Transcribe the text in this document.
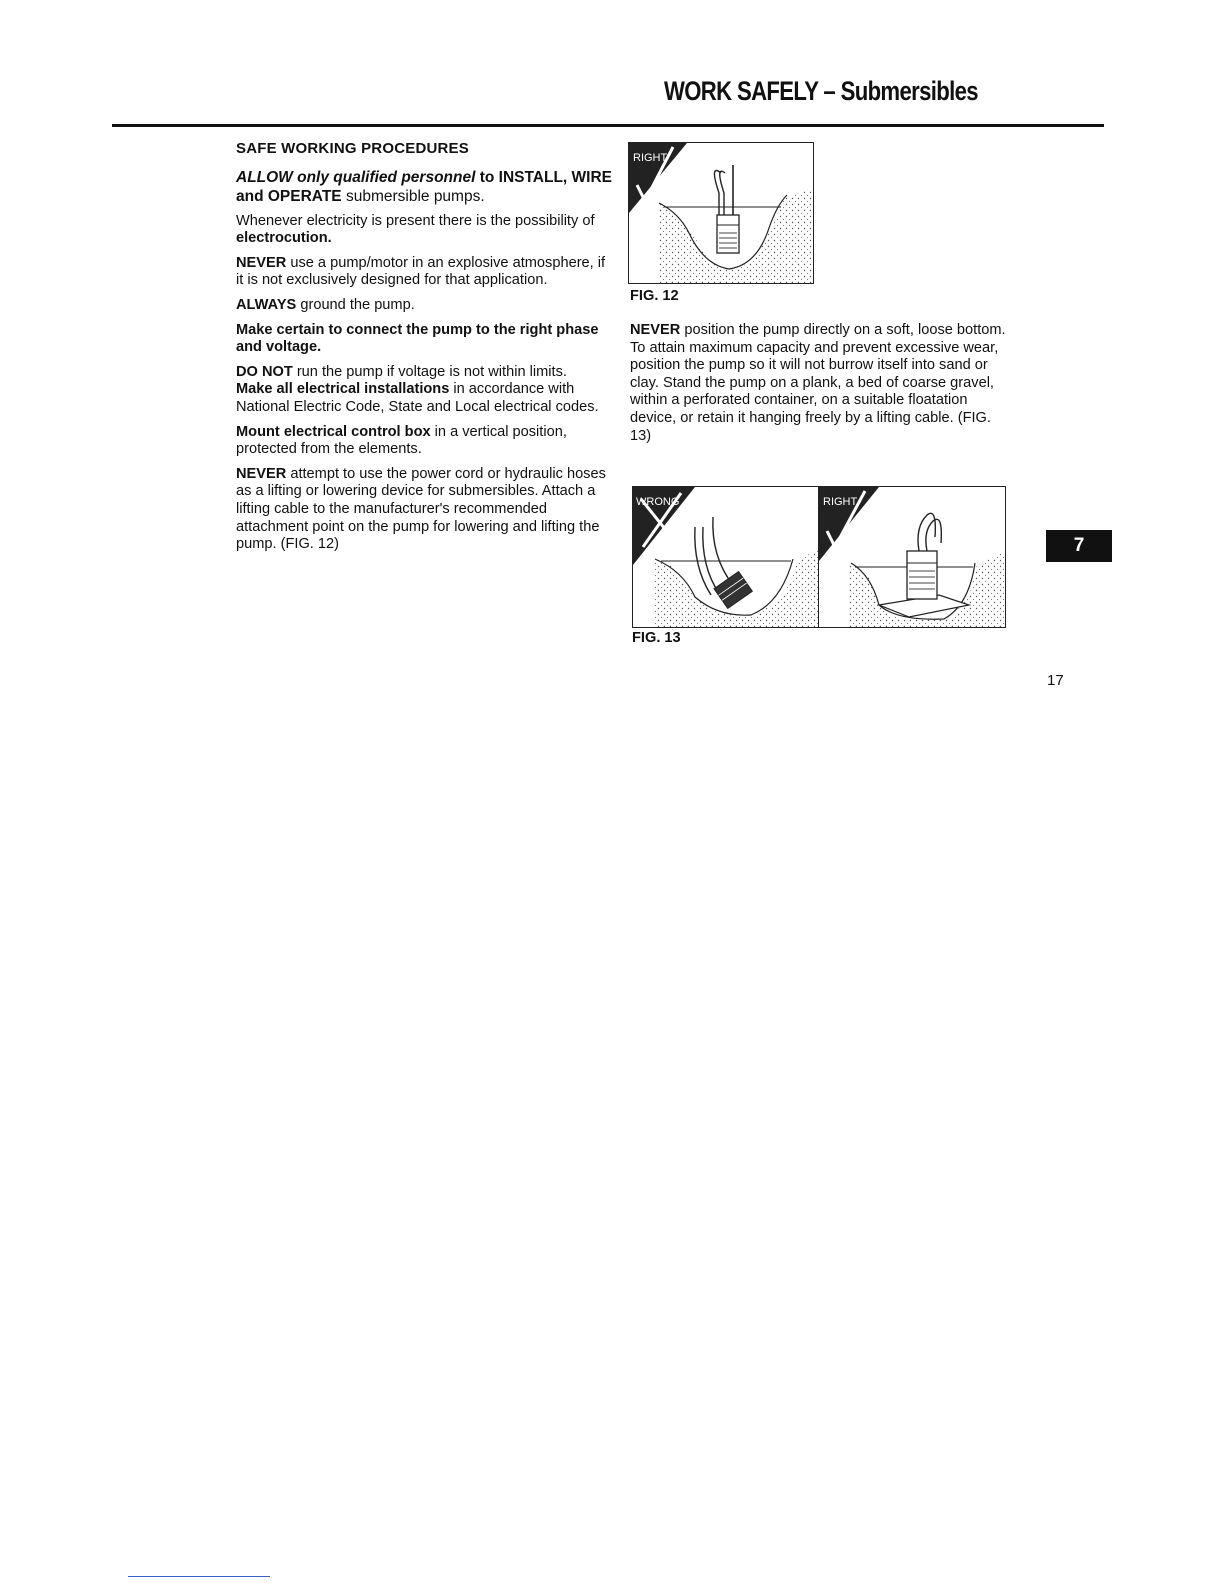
WORK SAFELY – Submersibles

SAFE WORKING PROCEDURES

ALLOW only qualified personnel to INSTALL, WIRE and OPERATE submersible pumps.

Whenever electricity is present there is the possibility of electrocution.

NEVER use a pump/motor in an explosive atmosphere, if it is not exclusively designed for that application.

ALWAYS ground the pump.

Make certain to connect the pump to the right phase and voltage.

DO NOT run the pump if voltage is not within limits.

Make all electrical installations in accordance with National Electric Code, State and Local electrical codes.

Mount electrical control box in a vertical position, protected from the elements.

NEVER attempt to use the power cord or hydraulic hoses as a lifting or lowering device for submersibles. Attach a lifting cable to the manufacturer's recommended attachment point on the pump for lowering and lifting the pump. (FIG. 12)

RIGHT
FIG. 12

NEVER position the pump directly on a soft, loose bottom. To attain maximum capacity and prevent excessive wear, position the pump so it will not burrow itself into sand or clay. Stand the pump on a plank, a bed of coarse gravel, within a perforated container, on a suitable floatation device, or retain it hanging freely by a lifting cable. (FIG. 13)

WRONG	RIGHT
FIG. 13
7
17
